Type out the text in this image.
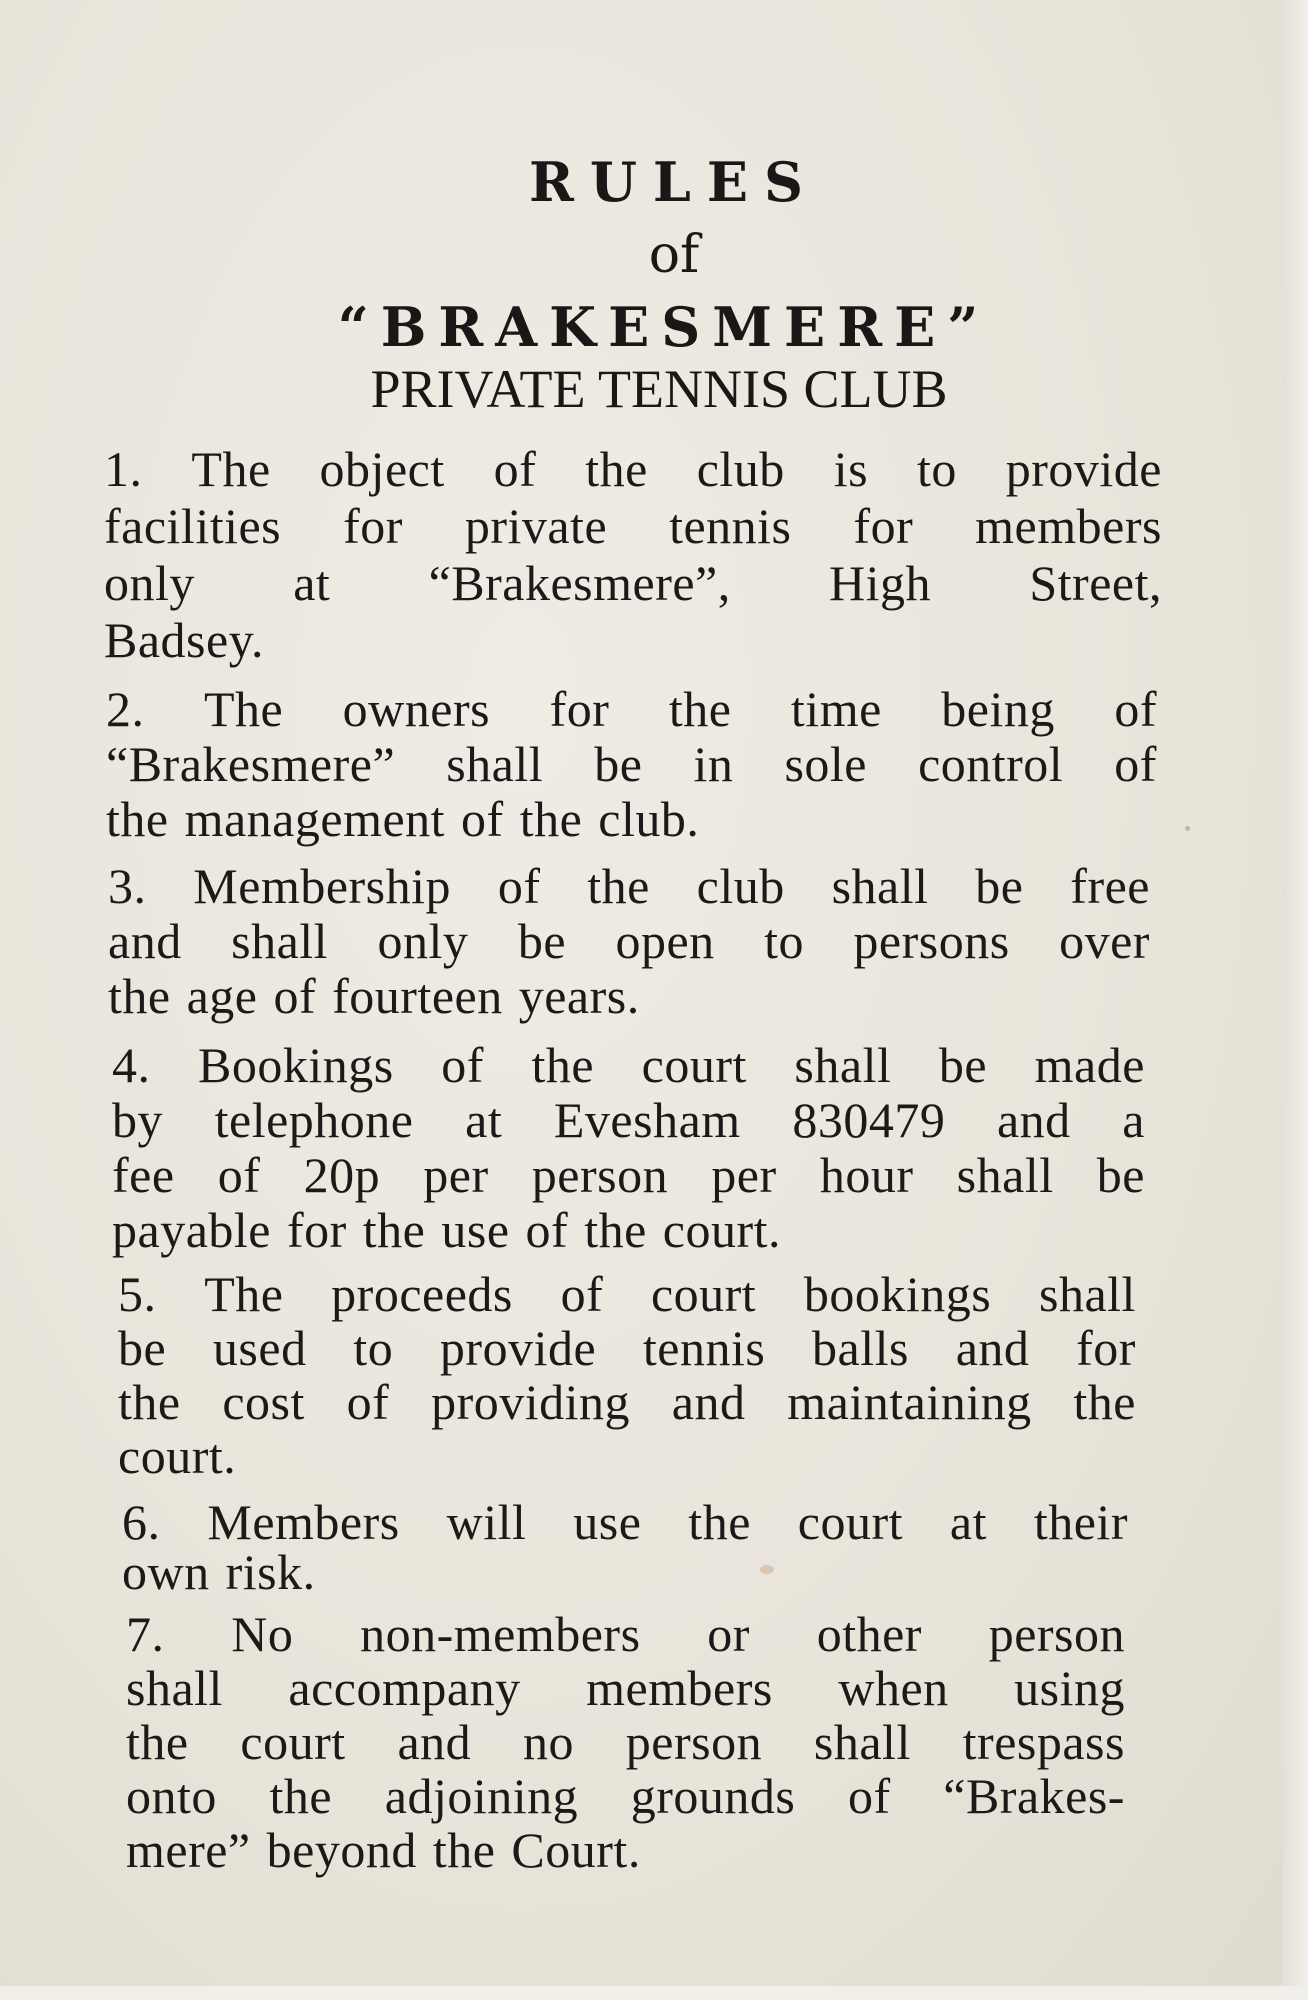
RULES
of
“BRAKESMERE”
PRIVATE TENNIS CLUB
1. The object of the club is to provide
facilities for private tennis for members
only at “Brakesmere”, High Street,
Badsey.
2. The owners for the time being of
“Brakesmere” shall be in sole control of
the management of the club.
3. Membership of the club shall be free
and shall only be open to persons over
the age of fourteen years.
4. Bookings of the court shall be made
by telephone at Evesham 830479 and a
fee of 20p per person per hour shall be
payable for the use of the court.
5. The proceeds of court bookings shall
be used to provide tennis balls and for
the cost of providing and maintaining the
court.
6. Members will use the court at their
own risk.
7. No non-members or other person
shall accompany members when using
the court and no person shall trespass
onto the adjoining grounds of “Brakes-
mere” beyond the Court.
